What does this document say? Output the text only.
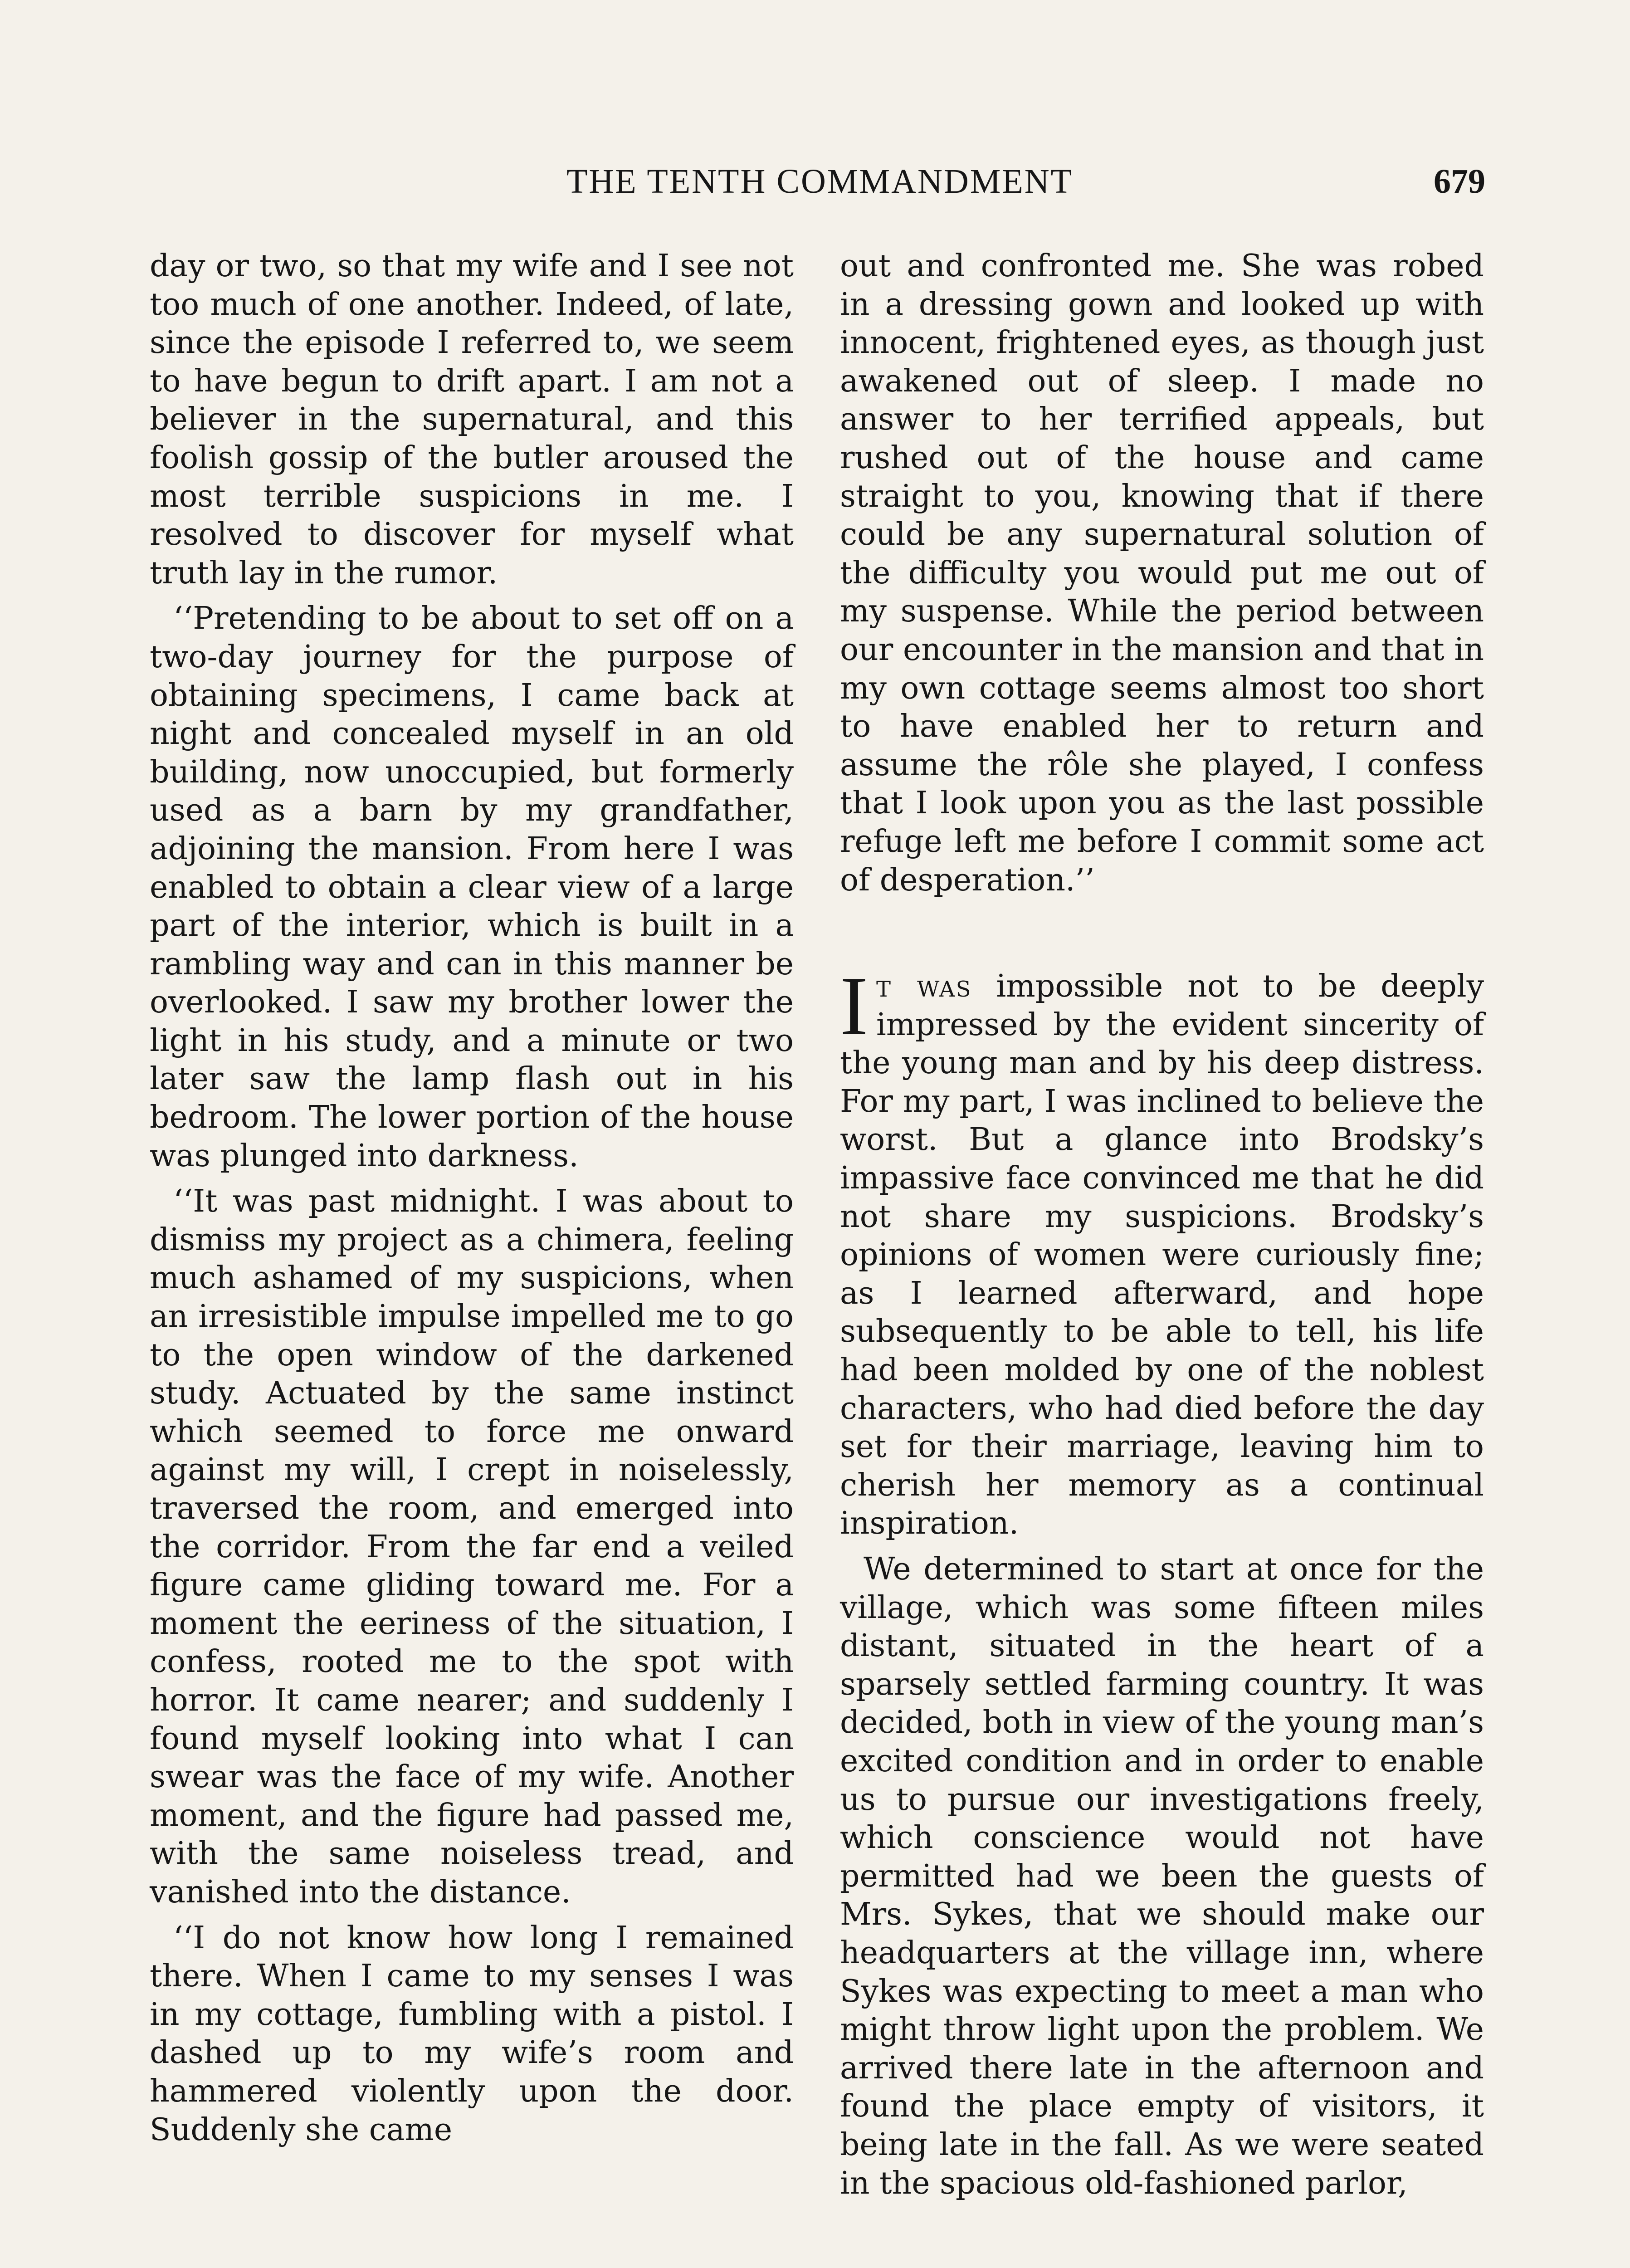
THE TENTH COMMANDMENT	679

day or two, so that my wife and I see not too much of one another. Indeed, of late, since the episode I referred to, we seem to have begun to drift apart. I am not a believer in the supernatural, and this foolish gossip of the butler aroused the most terrible suspicions in me. I resolved to discover for myself what truth lay in the rumor.

‘‘Pretending to be about to set off on a two-day journey for the purpose of obtaining specimens, I came back at night and concealed myself in an old building, now unoccupied, but formerly used as a barn by my grandfather, adjoining the mansion. From here I was enabled to obtain a clear view of a large part of the interior, which is built in a rambling way and can in this manner be overlooked. I saw my brother lower the light in his study, and a minute or two later saw the lamp flash out in his bedroom. The lower portion of the house was plunged into darkness.

‘‘It was past midnight. I was about to dismiss my project as a chimera, feeling much ashamed of my suspicions, when an irresistible impulse impelled me to go to the open window of the darkened study. Actuated by the same instinct which seemed to force me onward against my will, I crept in noiselessly, traversed the room, and emerged into the corridor. From the far end a veiled figure came gliding toward me. For a moment the eeriness of the situation, I confess, rooted me to the spot with horror. It came nearer; and suddenly I found myself looking into what I can swear was the face of my wife. Another moment, and the figure had passed me, with the same noiseless tread, and vanished into the distance.

‘‘I do not know how long I remained there. When I came to my senses I was in my cottage, fumbling with a pistol. I dashed up to my wife’s room and hammered violently upon the door. Suddenly she came

out and confronted me. She was robed in a dressing gown and looked up with innocent, frightened eyes, as though just awakened out of sleep. I made no answer to her terrified appeals, but rushed out of the house and came straight to you, knowing that if there could be any supernatural solution of the difficulty you would put me out of my suspense. While the period between our encounter in the mansion and that in my own cottage seems almost too short to have enabled her to return and assume the rôle she played, I confess that I look upon you as the last possible refuge left me before I commit some act of desperation.’’

It was impossible not to be deeply impressed by the evident sincerity of the young man and by his deep distress. For my part, I was inclined to believe the worst. But a glance into Brodsky’s impassive face convinced me that he did not share my suspicions. Brodsky’s opinions of women were curiously fine; as I learned afterward, and hope subsequently to be able to tell, his life had been molded by one of the noblest characters, who had died before the day set for their marriage, leaving him to cherish her memory as a continual inspiration.

We determined to start at once for the village, which was some fifteen miles distant, situated in the heart of a sparsely settled farming country. It was decided, both in view of the young man’s excited condition and in order to enable us to pursue our investigations freely, which conscience would not have permitted had we been the guests of Mrs. Sykes, that we should make our headquarters at the village inn, where Sykes was expecting to meet a man who might throw light upon the problem. We arrived there late in the afternoon and found the place empty of visitors, it being late in the fall. As we were seated in the spacious old-fashioned parlor,
